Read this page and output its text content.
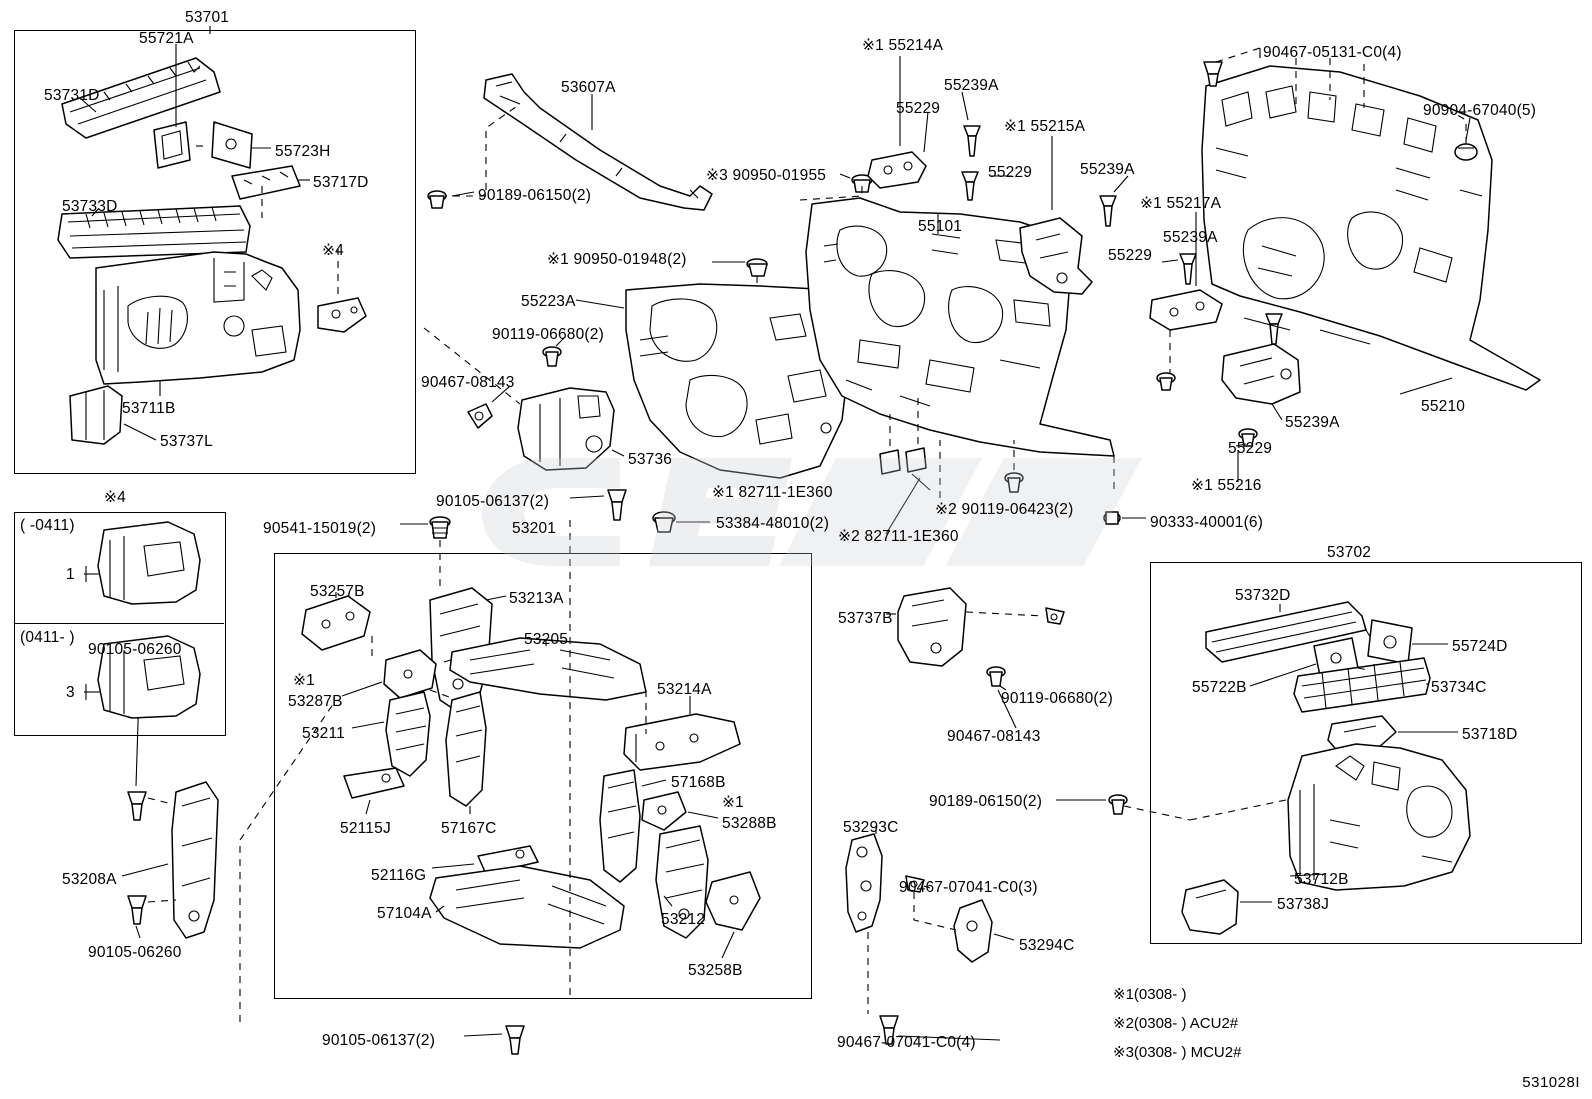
53701
55721A
53731D
55723H
53717D
53733D
※4
53711B
53737L
53607A
90189-06150(2)
※3 90950-01955
※1 90950-01948(2)
55223A
90119-06680(2)
90467-08143
53736
※1 55214A
55229
55239A
※1 55215A
55229	55239A
※1 55217A
55239A
55229
55101
55239A
55229
※1 55216
90467-05131-C0(4)
90904-67040(5)
55210
90105-06137(2)
90541-15019(2)	53201	53384-48010(2)
※1 82711-1E360
※2 90119-06423(2)
※2 82711-1E360
90333-40001(6)
53702
53257B	53213A
53205
※1
53287B
53211
53214A
57168B
※1
53288B
52115J	57167C
52116G
53212
53258B
57104A
90105-06137(2)
90105-06260
53208A
90105-06260
53737B
90119-06680(2)
90467-08143
90189-06150(2)
53293C
90467-07041-C0(3)
53294C
90467-07041-C0(4)
53732D
55724D
55722B	53734C
53718D
53712B
53738J
※4
( -0411)
1
(0411- )
3
※1(0308- )
※2(0308- ) ACU2#
※3(0308- ) MCU2#
531028I
